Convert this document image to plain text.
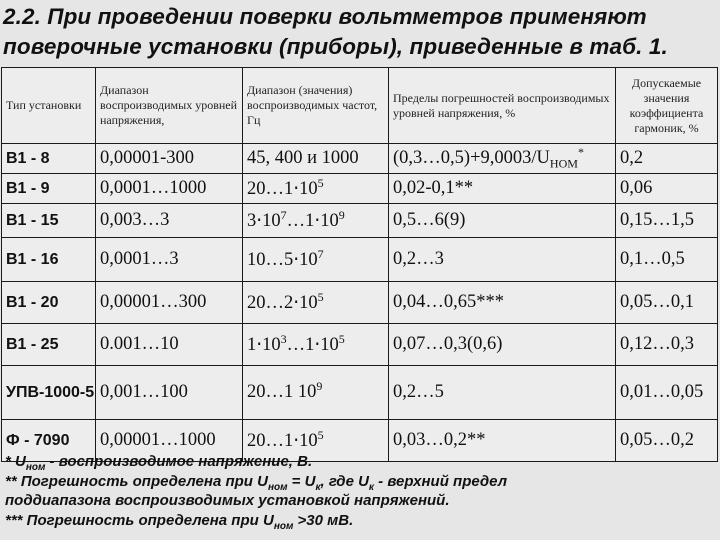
2.2. При проведении поверки вольтметров применяют
поверочные установки (приборы), приведенные в таб. 1.
Тип установки	Диапазон воспроизводимых уровней напряжения,	Диапазон (значения) воспроизводимых частот, Гц	Пределы погрешностей воспроизводимых уровней напряжения, %	Допускаемые значения коэффициента гармоник, %
В1 - 8	0,00001-300	45, 400 и 1000	$(0,3\dots 0,5)+9,0003/U_{НОМ}^*$	0,2
В1 - 9	0,0001…1000	$20\dots 1\cdot 10^5$	0,02-0,1**	0,06
В1 - 15	0,003…3	$3\cdot 10^7\dots 1\cdot 10^9$	0,5…6(9)	0,15…1,5
В1 - 16	0,0001…3	$10\dots 5\cdot 10^7$	0,2…3	0,1…0,5
В1 - 20	0,00001…300	$20\dots 2\cdot 10^5$	0,04…0,65***	0,05…0,1
В1 - 25	0.001…10	$1\cdot 10^3\dots 1\cdot 10^5$	0,07…0,3(0,6)	0,12…0,3
УПВ-1000-5	0,001…100	20…1 $10^9$	0,2…5	0,01…0,05
Ф - 7090	0,00001…1000	$20\dots 1\cdot 10^5$	0,03…0,2**	0,05…0,2

* $U_{ном}$ - воспроизводимое напряжение, В.

** Погрешность определена при $U_{ном} = U_к$, где $U_к$ - верхний предел

поддиапазона воспроизводимых установкой напряжений.

*** Погрешность определена при $U_{ном} >30$ мВ.
